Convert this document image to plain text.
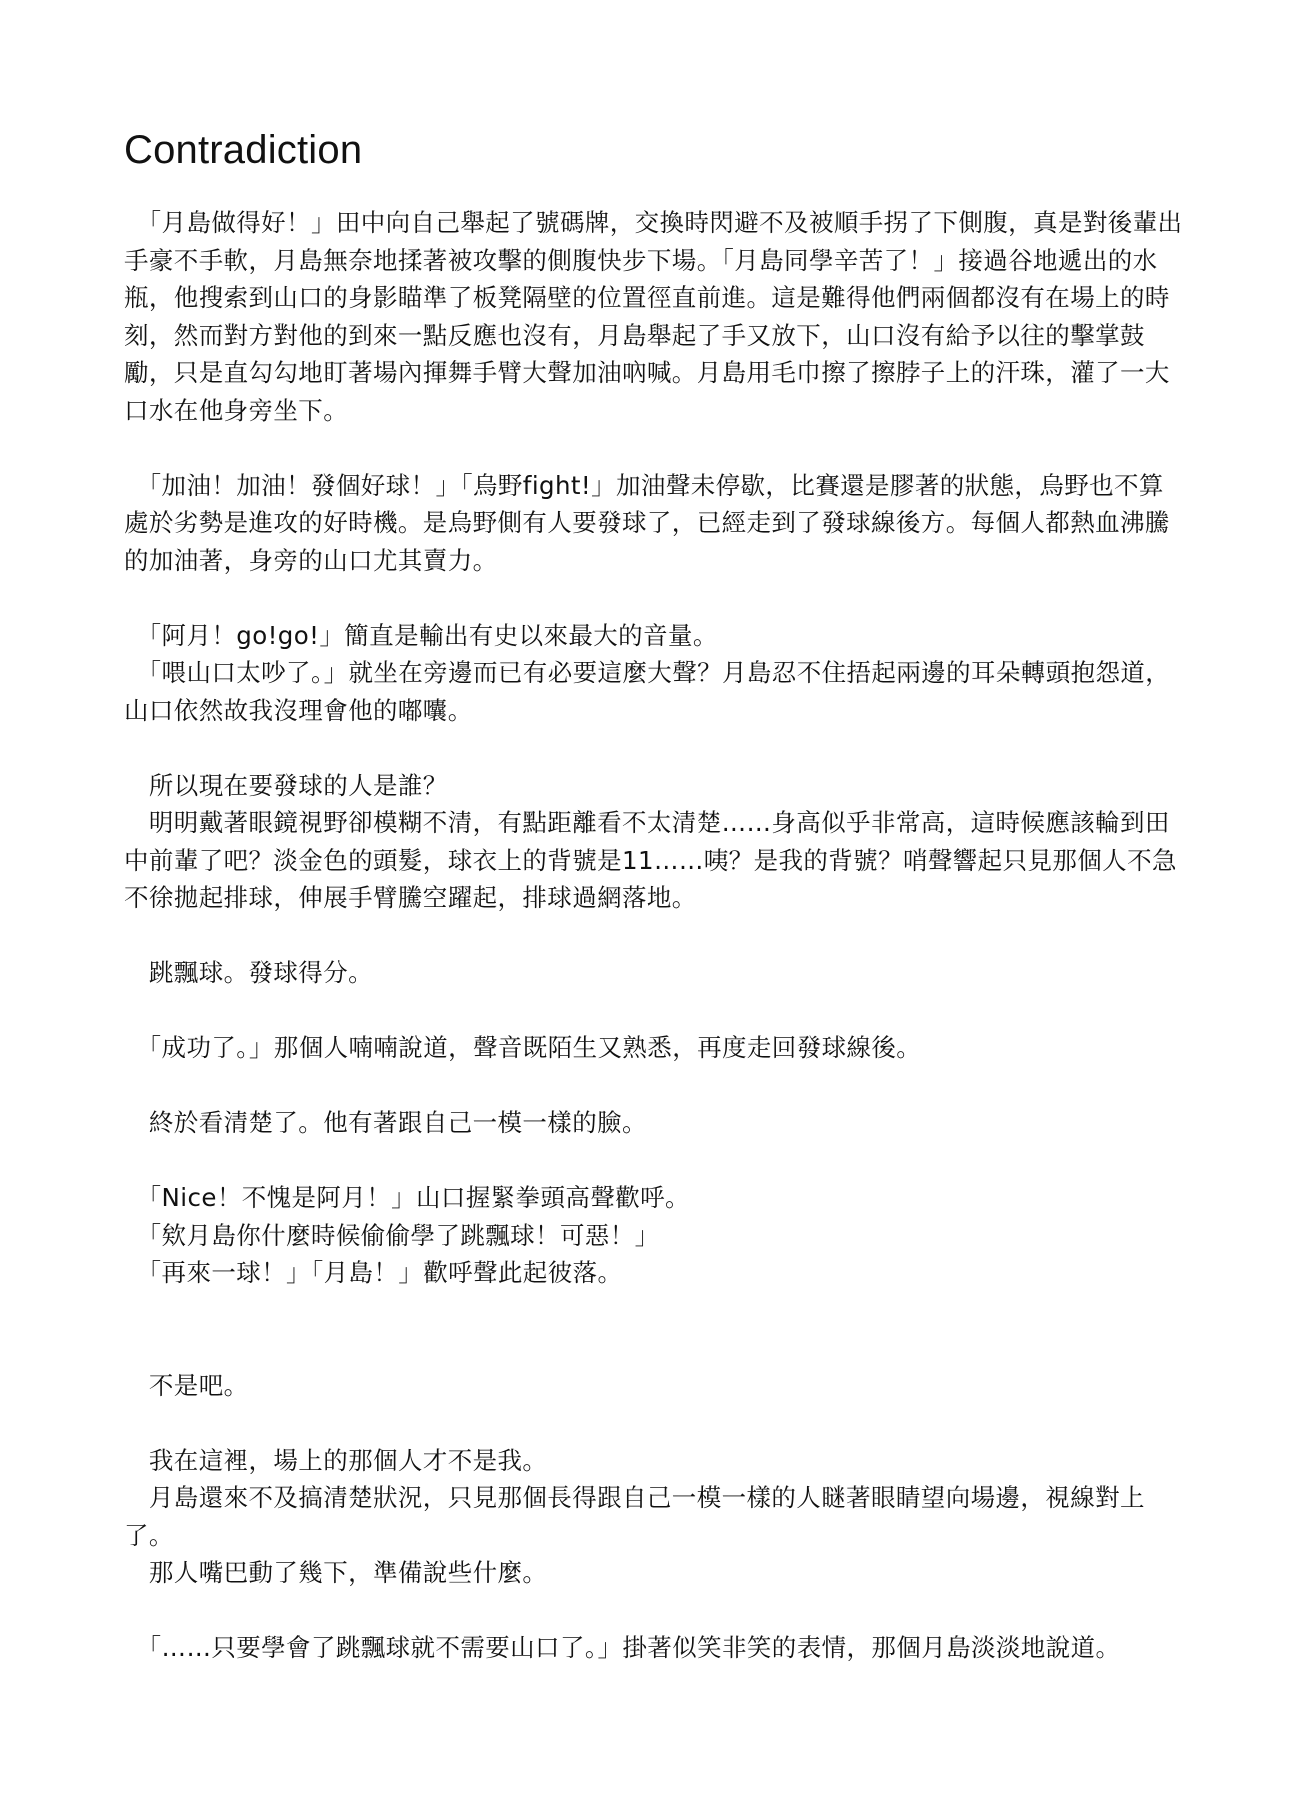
Contradiction

　「月島做得好！」田中向自己舉起了號碼牌，交換時閃避不及被順手拐了下側腹，真是對後輩出手豪不手軟，月島無奈地揉著被攻擊的側腹快步下場。「月島同學辛苦了！」接過谷地遞出的水瓶，他搜索到山口的身影瞄準了板凳隔壁的位置徑直前進。這是難得他們兩個都沒有在場上的時刻，然而對方對他的到來一點反應也沒有，月島舉起了手又放下，山口沒有給予以往的擊掌鼓勵，只是直勾勾地盯著場內揮舞手臂大聲加油吶喊。月島用毛巾擦了擦脖子上的汗珠，灌了一大口水在他身旁坐下。

　「加油！加油！發個好球！」「烏野fight!」加油聲未停歇，比賽還是膠著的狀態，烏野也不算處於劣勢是進攻的好時機。是烏野側有人要發球了，已經走到了發球線後方。每個人都熱血沸騰的加油著，身旁的山口尤其賣力。

　「阿月！go!go!」簡直是輸出有史以來最大的音量。

　「喂山口太吵了。」就坐在旁邊而已有必要這麼大聲？月島忍不住捂起兩邊的耳朵轉頭抱怨道，山口依然故我沒理會他的嘟囔。

　所以現在要發球的人是誰？

　明明戴著眼鏡視野卻模糊不清，有點距離看不太清楚……身高似乎非常高，這時候應該輪到田中前輩了吧？淡金色的頭髮，球衣上的背號是11……咦？是我的背號？哨聲響起只見那個人不急不徐拋起排球，伸展手臂騰空躍起，排球過網落地。

　跳飄球。發球得分。

　「成功了。」那個人喃喃說道，聲音既陌生又熟悉，再度走回發球線後。

　終於看清楚了。他有著跟自己一模一樣的臉。

　「Nice！不愧是阿月！」山口握緊拳頭高聲歡呼。

　「欸月島你什麼時候偷偷學了跳飄球！可惡！」

　「再來一球！」「月島！」歡呼聲此起彼落。

　不是吧。

　我在這裡，場上的那個人才不是我。

　月島還來不及搞清楚狀況，只見那個長得跟自己一模一樣的人瞇著眼睛望向場邊，視線對上了。

　那人嘴巴動了幾下，準備說些什麼。

　「……只要學會了跳飄球就不需要山口了。」掛著似笑非笑的表情，那個月島淡淡地說道。
